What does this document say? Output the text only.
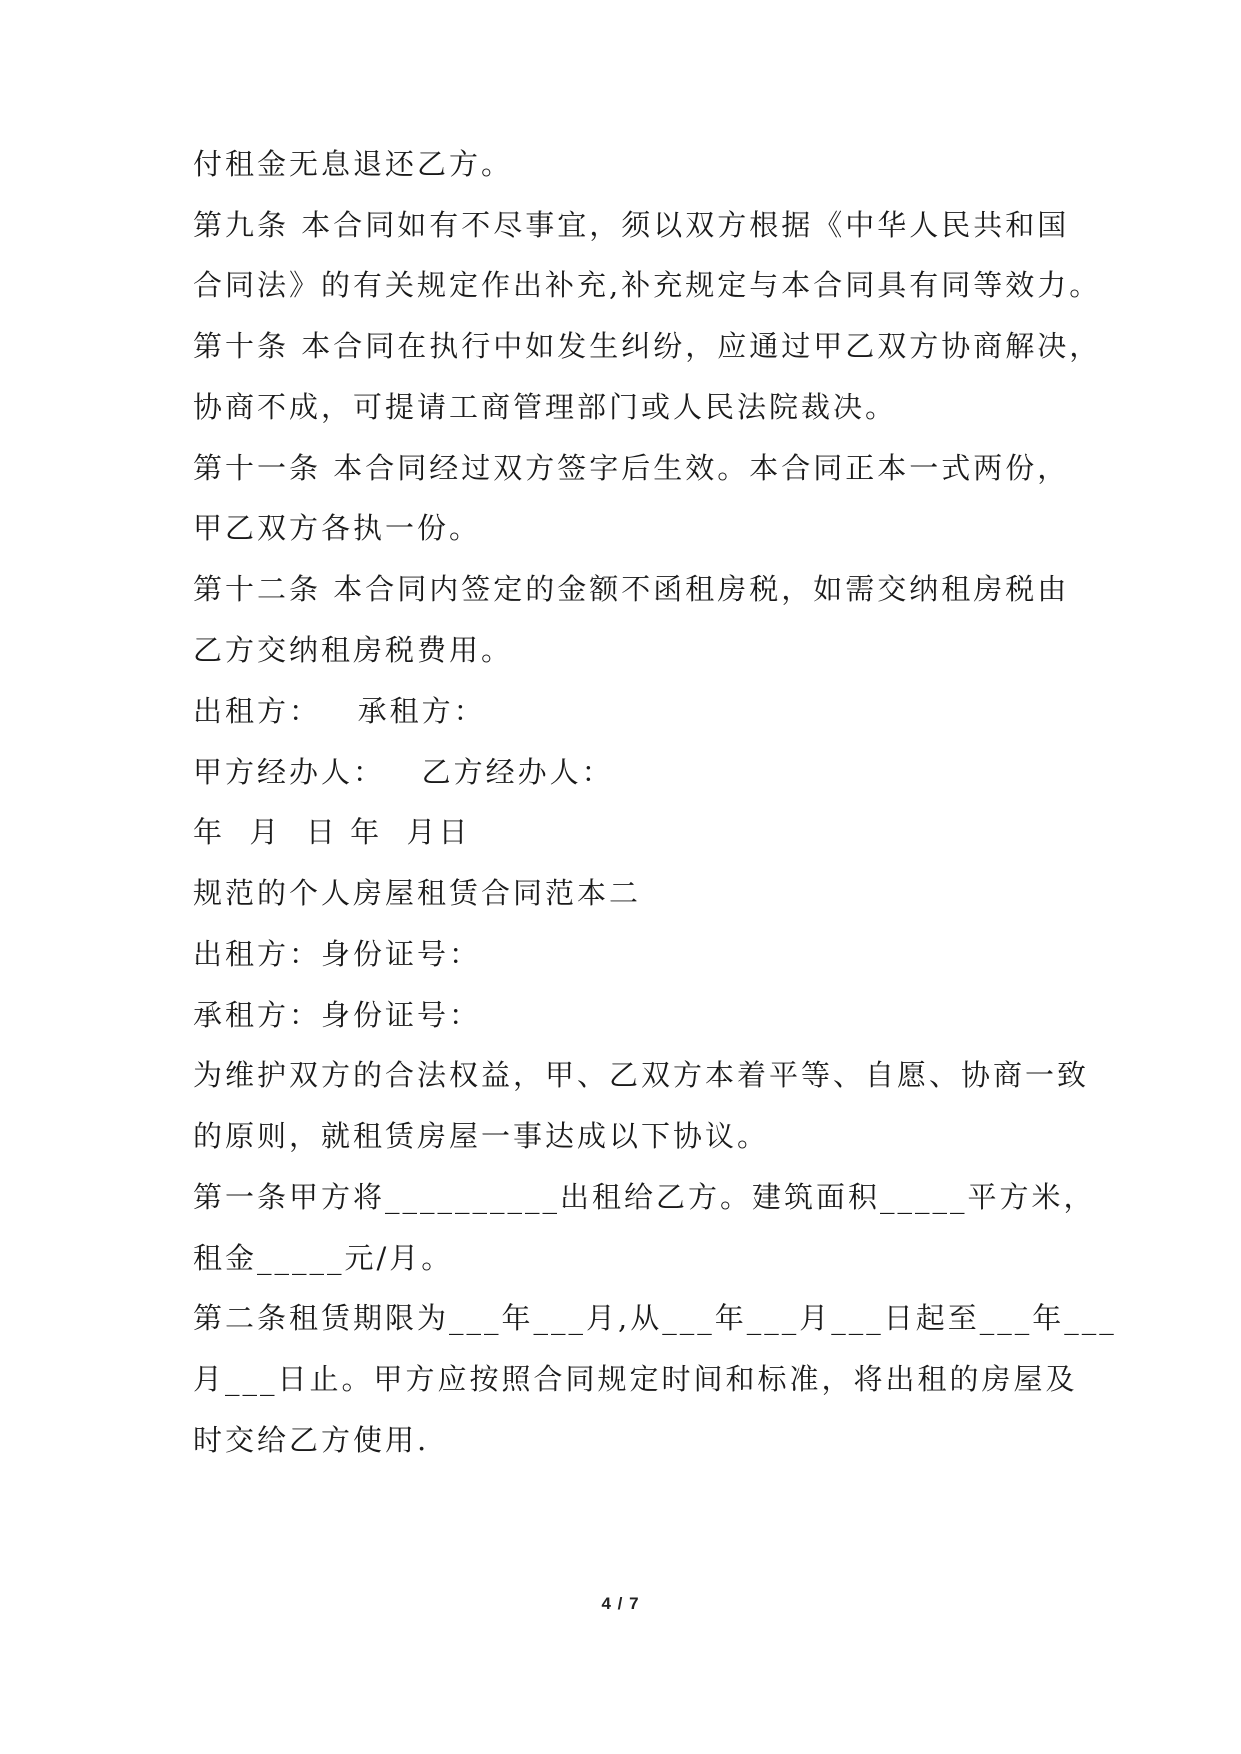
付租金无息退还乙方。
第九条 本合同如有不尽事宜，须以双方根据《中华人民共和国
合同法》的有关规定作出补充,补充规定与本合同具有同等效力。
第十条 本合同在执行中如发生纠纷，应通过甲乙双方协商解决，
协商不成，可提请工商管理部门或人民法院裁决。
第十一条 本合同经过双方签字后生效。本合同正本一式两份，
甲乙双方各执一份。
第十二条 本合同内签定的金额不函租房税，如需交纳租房税由
乙方交纳租房税费用。
出租方：   承租方：
甲方经办人：   乙方经办人：
年  月  日 年  月日
规范的个人房屋租赁合同范本二
出租方：身份证号：
承租方：身份证号：
为维护双方的合法权益，甲、乙双方本着平等、自愿、协商一致
的原则，就租赁房屋一事达成以下协议。
第一条甲方将__________出租给乙方。建筑面积_____平方米，
租金_____元/月。
第二条租赁期限为___年___月,从___年___月___日起至___年___
月___日止。甲方应按照合同规定时间和标准，将出租的房屋及
时交给乙方使用.
4 / 7
